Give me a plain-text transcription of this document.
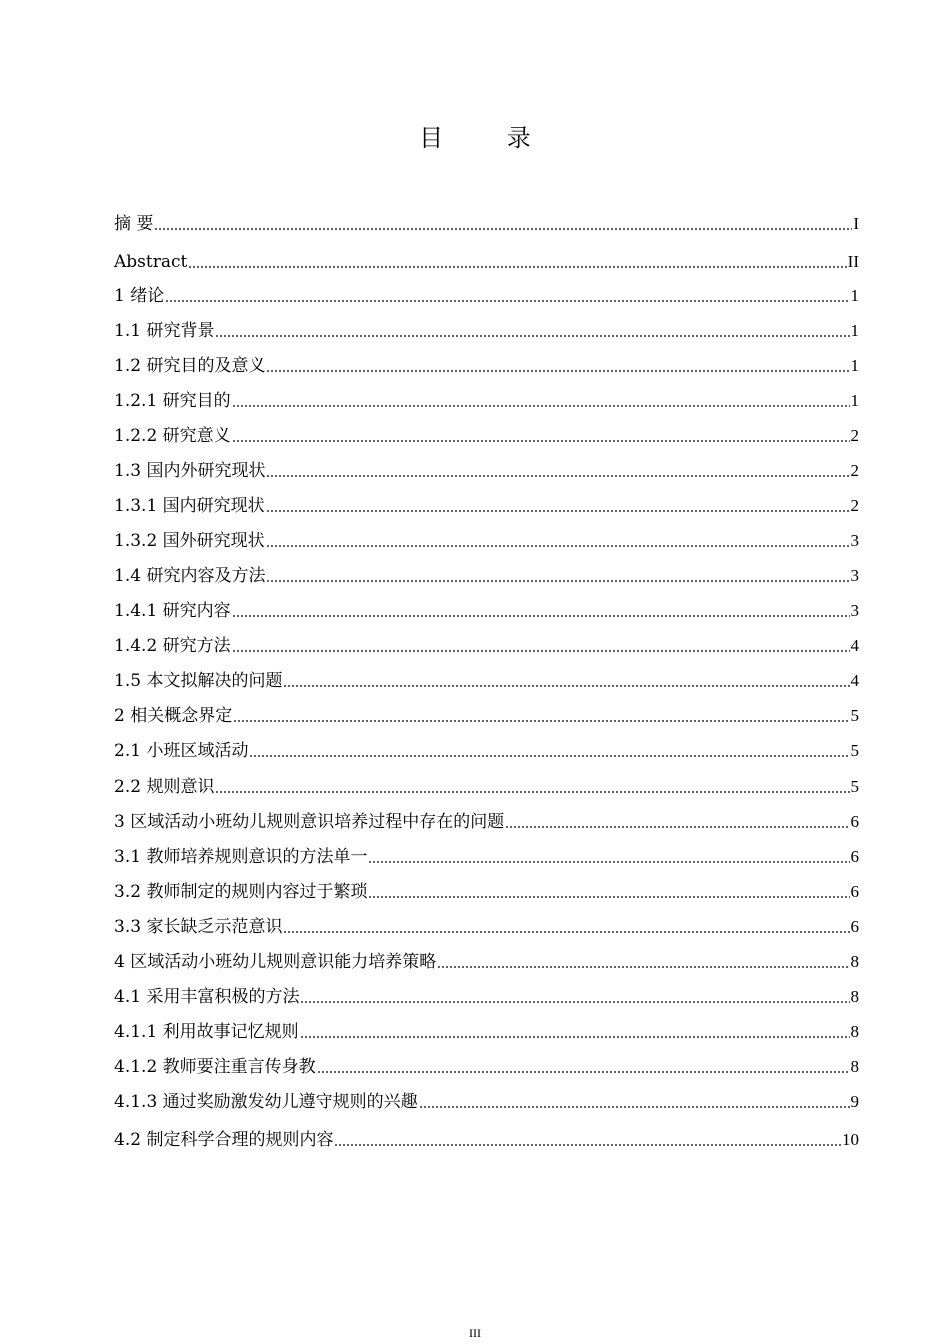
目 录
摘 要	I
Abstract	II
1 绪论	1
1.1 研究背景	1
1.2 研究目的及意义	1
1.2.1 研究目的	1
1.2.2 研究意义	2
1.3 国内外研究现状	2
1.3.1 国内研究现状	2
1.3.2 国外研究现状	3
1.4 研究内容及方法	3
1.4.1 研究内容	3
1.4.2 研究方法	4
1.5 本文拟解决的问题	4
2 相关概念界定	5
2.1 小班区域活动	5
2.2 规则意识	5
3 区域活动小班幼儿规则意识培养过程中存在的问题	6
3.1 教师培养规则意识的方法单一	6
3.2 教师制定的规则内容过于繁琐	6
3.3 家长缺乏示范意识	6
4 区域活动小班幼儿规则意识能力培养策略	8
4.1 采用丰富积极的方法	8
4.1.1 利用故事记忆规则	8
4.1.2 教师要注重言传身教	8
4.1.3 通过奖励激发幼儿遵守规则的兴趣	9
4.2 制定科学合理的规则内容	10
III
